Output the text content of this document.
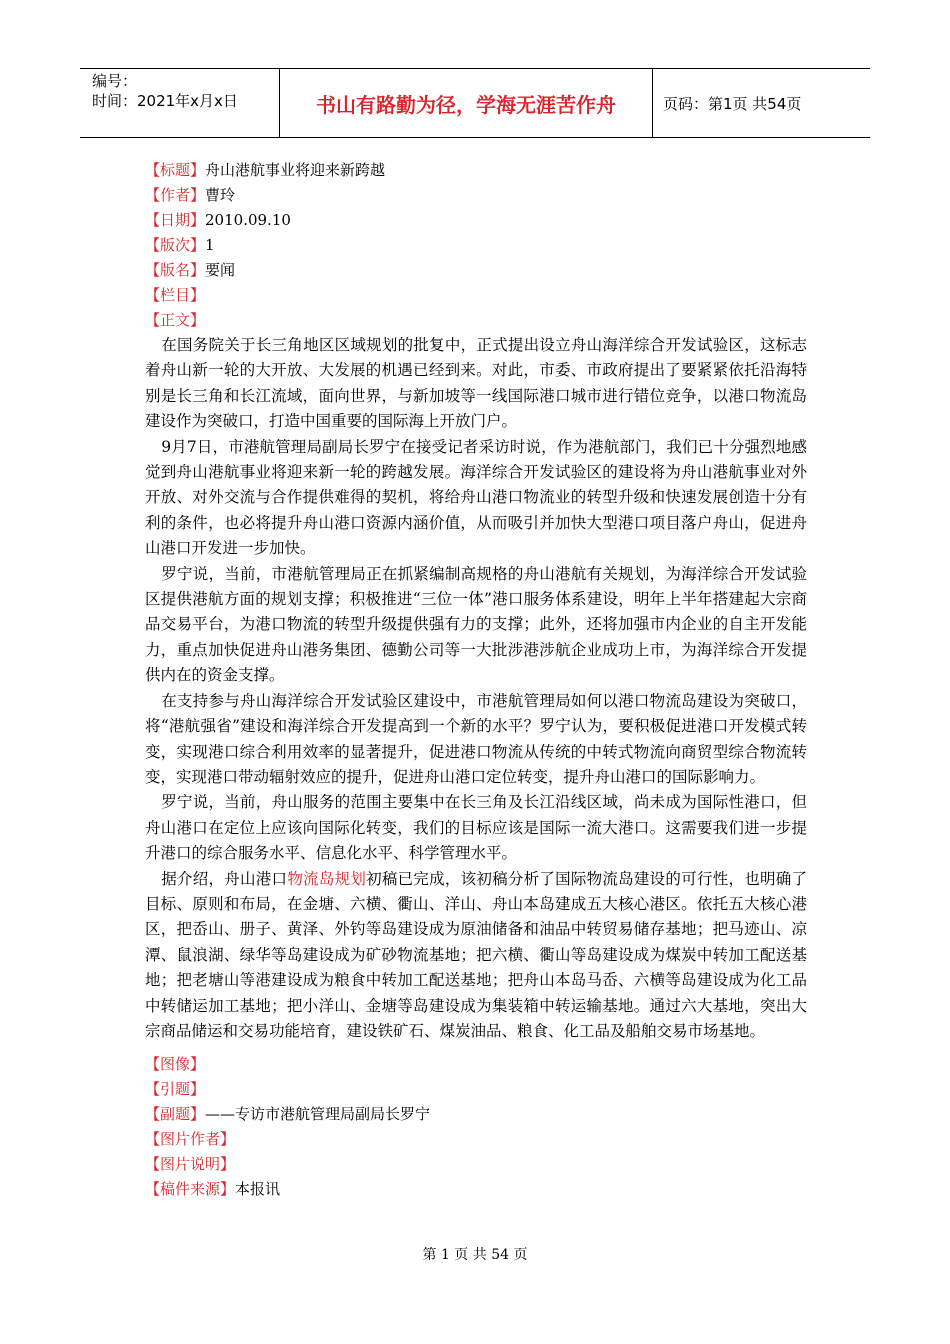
编号：
时间：2021年x月x日	书山有路勤为径，学海无涯苦作舟	页码：第1页 共54页
【标题】舟山港航事业将迎来新跨越
【作者】曹玲
【日期】2010.09.10
【版次】1
【版名】要闻
【栏目】
【正文】

在国务院关于长三角地区区域规划的批复中，正式提出设立舟山海洋综合开发试验区，这标志着舟山新一轮的大开放、大发展的机遇已经到来。对此，市委、市政府提出了要紧紧依托沿海特别是长三角和长江流域，面向世界，与新加坡等一线国际港口城市进行错位竞争，以港口物流岛建设作为突破口，打造中国重要的国际海上开放门户。

9月7日，市港航管理局副局长罗宁在接受记者采访时说，作为港航部门，我们已十分强烈地感觉到舟山港航事业将迎来新一轮的跨越发展。海洋综合开发试验区的建设将为舟山港航事业对外开放、对外交流与合作提供难得的契机，将给舟山港口物流业的转型升级和快速发展创造十分有利的条件，也必将提升舟山港口资源内涵价值，从而吸引并加快大型港口项目落户舟山，促进舟山港口开发进一步加快。

罗宁说，当前，市港航管理局正在抓紧编制高规格的舟山港航有关规划，为海洋综合开发试验区提供港航方面的规划支撑；积极推进“三位一体”港口服务体系建设，明年上半年搭建起大宗商品交易平台，为港口物流的转型升级提供强有力的支撑；此外，还将加强市内企业的自主开发能力，重点加快促进舟山港务集团、德勤公司等一大批涉港涉航企业成功上市，为海洋综合开发提供内在的资金支撑。

在支持参与舟山海洋综合开发试验区建设中，市港航管理局如何以港口物流岛建设为突破口，将“港航强省”建设和海洋综合开发提高到一个新的水平？罗宁认为，要积极促进港口开发模式转变，实现港口综合利用效率的显著提升，促进港口物流从传统的中转式物流向商贸型综合物流转变，实现港口带动辐射效应的提升，促进舟山港口定位转变，提升舟山港口的国际影响力。

罗宁说，当前，舟山服务的范围主要集中在长三角及长江沿线区域，尚未成为国际性港口，但舟山港口在定位上应该向国际化转变，我们的目标应该是国际一流大港口。这需要我们进一步提升港口的综合服务水平、信息化水平、科学管理水平。

据介绍，舟山港口物流岛规划初稿已完成，该初稿分析了国际物流岛建设的可行性，也明确了目标、原则和布局，在金塘、六横、衢山、洋山、舟山本岛建成五大核心港区。依托五大核心港区，把岙山、册子、黄泽、外钓等岛建设成为原油储备和油品中转贸易储存基地；把马迹山、凉潭、鼠浪湖、绿华等岛建设成为矿砂物流基地；把六横、衢山等岛建设成为煤炭中转加工配送基地；把老塘山等港建设成为粮食中转加工配送基地；把舟山本岛马岙、六横等岛建设成为化工品中转储运加工基地；把小洋山、金塘等岛建设成为集装箱中转运输基地。通过六大基地，突出大宗商品储运和交易功能培育，建设铁矿石、煤炭油品、粮食、化工品及船舶交易市场基地。

【图像】
【引题】
【副题】——专访市港航管理局副局长罗宁
【图片作者】
【图片说明】
【稿件来源】本报讯
第 1 页 共 54 页
